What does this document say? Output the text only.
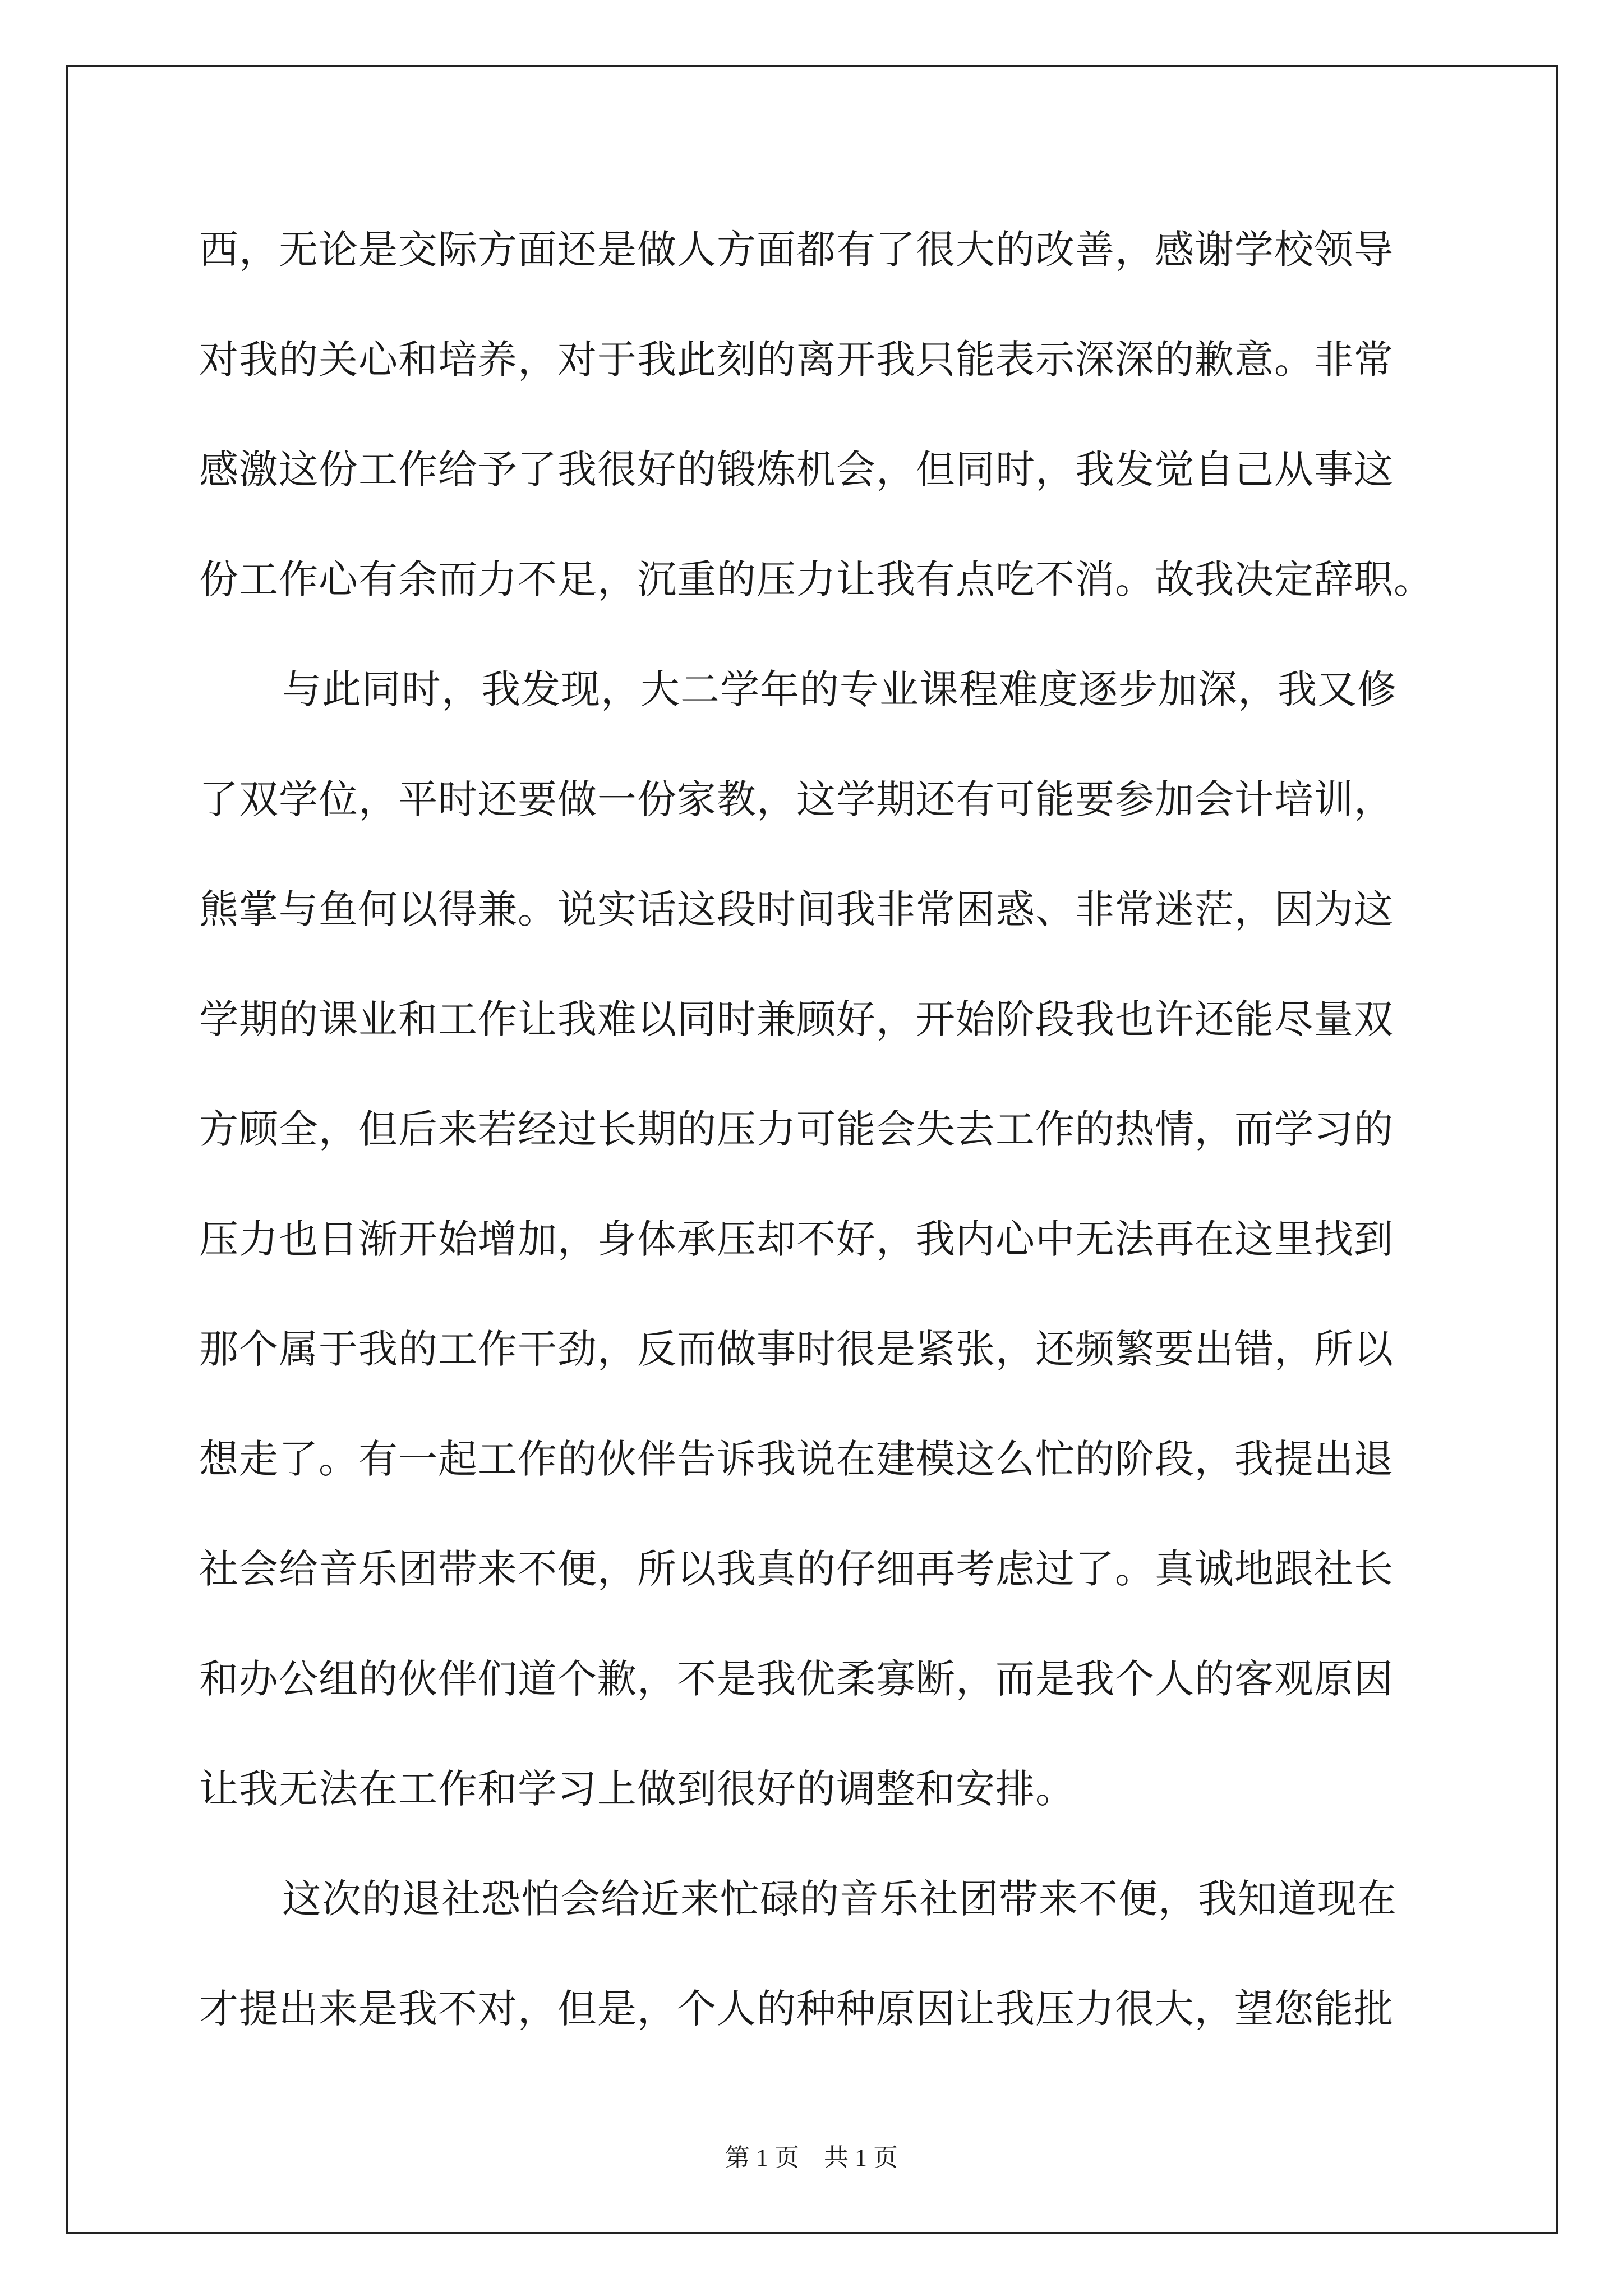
西，无论是交际方面还是做人方面都有了很大的改善，感谢学校领导
对我的关心和培养，对于我此刻的离开我只能表示深深的歉意。非常
感激这份工作给予了我很好的锻炼机会，但同时，我发觉自己从事这
份工作心有余而力不足，沉重的压力让我有点吃不消。故我决定辞职。
与此同时，我发现，大二学年的专业课程难度逐步加深，我又修
了双学位，平时还要做一份家教，这学期还有可能要参加会计培训，
熊掌与鱼何以得兼。说实话这段时间我非常困惑、非常迷茫，因为这
学期的课业和工作让我难以同时兼顾好，开始阶段我也许还能尽量双
方顾全，但后来若经过长期的压力可能会失去工作的热情，而学习的
压力也日渐开始增加，身体承压却不好，我内心中无法再在这里找到
那个属于我的工作干劲，反而做事时很是紧张，还频繁要出错，所以
想走了。有一起工作的伙伴告诉我说在建模这么忙的阶段，我提出退
社会给音乐团带来不便，所以我真的仔细再考虑过了。真诚地跟社长
和办公组的伙伴们道个歉，不是我优柔寡断，而是我个人的客观原因
让我无法在工作和学习上做到很好的调整和安排。
这次的退社恐怕会给近来忙碌的音乐社团带来不便，我知道现在
才提出来是我不对，但是，个人的种种原因让我压力很大，望您能批
第 1 页　共 1 页
